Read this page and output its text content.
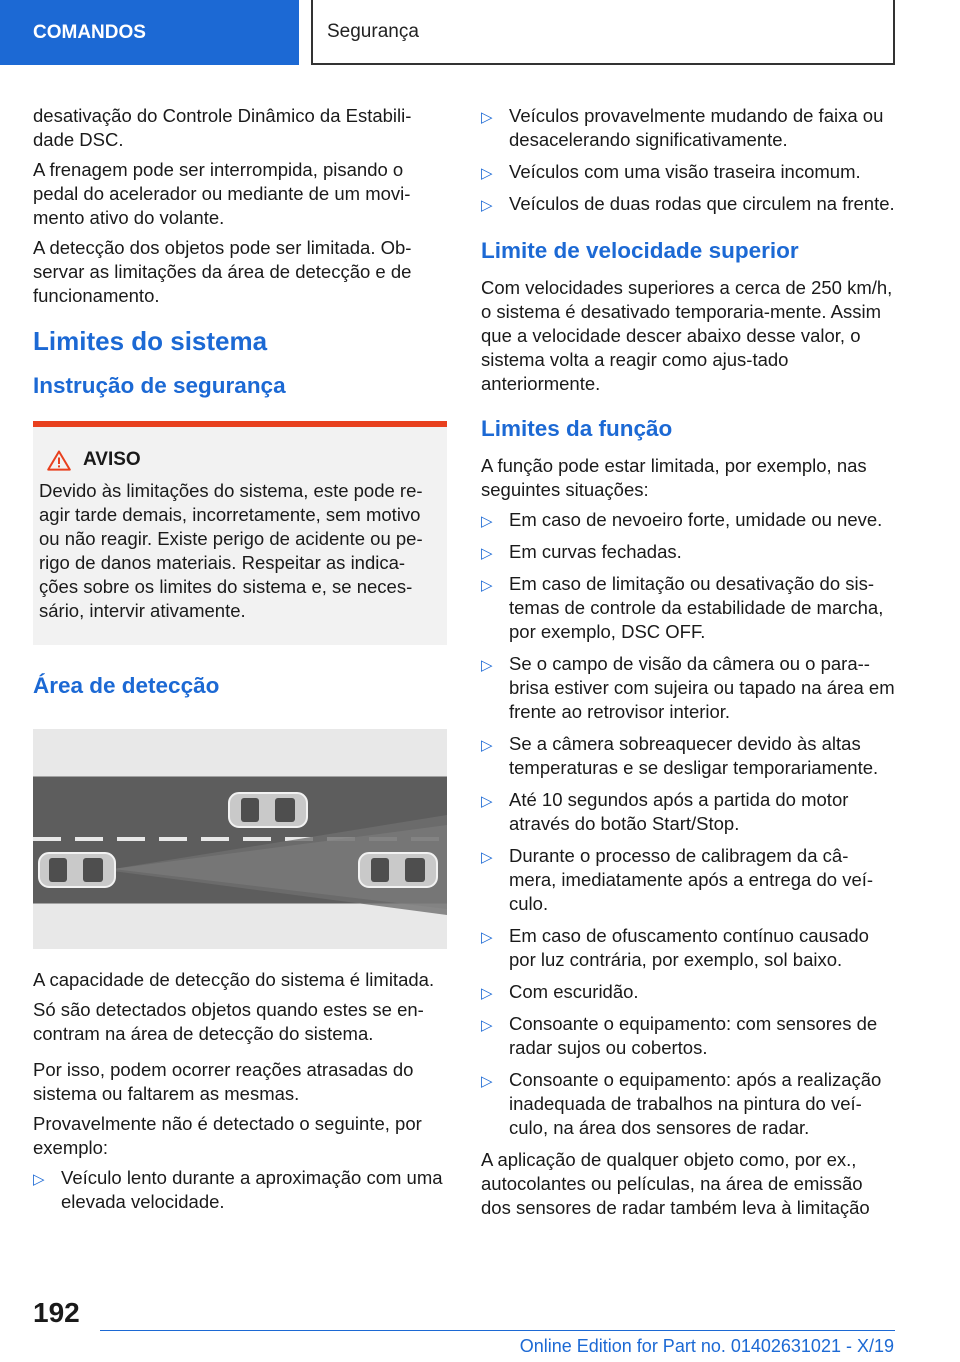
COMANDOS	Segurança

desativação do Controle Dinâmico da Estabili-dade DSC.

A frenagem pode ser interrompida, pisando o pedal do acelerador ou mediante de um movi-mento ativo do volante.

A detecção dos objetos pode ser limitada. Ob-servar as limitações da área de detecção e de funcionamento.

Limites do sistema
Instrução de segurança
AVISO

Devido às limitações do sistema, este pode re-agir tarde demais, incorretamente, sem motivo ou não reagir. Existe perigo de acidente ou pe-rigo de danos materiais. Respeitar as indica-ções sobre os limites do sistema e, se neces-sário, intervir ativamente.

Área de detecção

A capacidade de detecção do sistema é limitada.

Só são detectados objetos quando estes se en-contram na área de detecção do sistema.

Por isso, podem ocorrer reações atrasadas do sistema ou faltarem as mesmas.

Provavelmente não é detectado o seguinte, por exemplo:

▷ Veículo lento durante a aproximação com uma elevada velocidade.
▷ Veículos provavelmente mudando de faixa ou desacelerando significativamente.
▷ Veículos com uma visão traseira incomum.
▷ Veículos de duas rodas que circulem na frente.
Limite de velocidade superior

Com velocidades superiores a cerca de 250 km/h, o sistema é desativado temporaria-mente. Assim que a velocidade descer abaixo desse valor, o sistema volta a reagir como ajus-tado anteriormente.

Limites da função

A função pode estar limitada, por exemplo, nas seguintes situações:

▷ Em caso de nevoeiro forte, umidade ou neve.
▷ Em curvas fechadas.
▷ Em caso de limitação ou desativação do sis-temas de controle da estabilidade de marcha, por exemplo, DSC OFF.
▷ Se o campo de visão da câmera ou o para--brisa estiver com sujeira ou tapado na área em frente ao retrovisor interior.
▷ Se a câmera sobreaquecer devido às altas temperaturas e se desligar temporariamente.
▷ Até 10 segundos após a partida do motor através do botão Start/Stop.
▷ Durante o processo de calibragem da câ-mera, imediatamente após a entrega do veí-culo.
▷ Em caso de ofuscamento contínuo causado por luz contrária, por exemplo, sol baixo.
▷ Com escuridão.
▷ Consoante o equipamento: com sensores de radar sujos ou cobertos.
▷ Consoante o equipamento: após a realização inadequada de trabalhos na pintura do veí-culo, na área dos sensores de radar.

A aplicação de qualquer objeto como, por ex., autocolantes ou películas, na área de emissão dos sensores de radar também leva à limitação

192
Online Edition for Part no. 01402631021 - X/19
